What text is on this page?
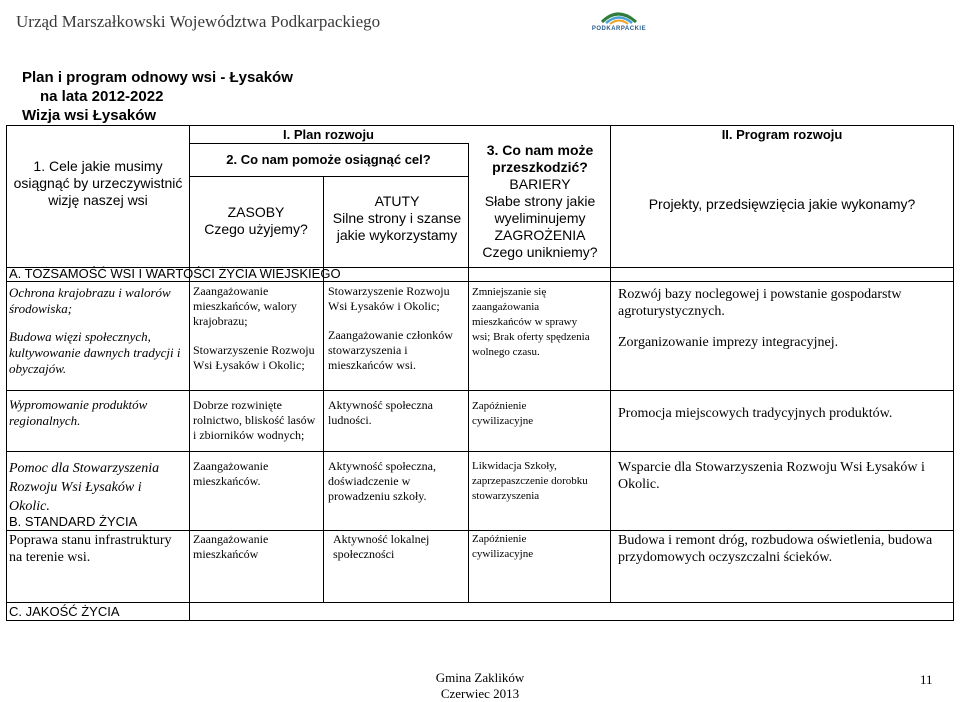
Urząd Marszałkowski Województwa Podkarpackiego	PODKARPACKIE
Plan i program odnowy wsi - Łysaków
na lata 2012-2022
Wizja wsi Łysaków
1. Cele jakie musimy osiągnąć by urzeczywistnić wizję naszej wsi
I. Plan rozwoju
2. Co nam pomoże osiągnąć cel?
ZASOBY
Czego użyjemy?
ATUTY
Silne strony i szanse jakie wykorzystamy
3. Co nam może przeszkodzić?
BARIERY
Słabe strony jakie wyeliminujemy
ZAGROŻENIA
Czego unikniemy?
II. Program rozwoju
Projekty, przedsięwzięcia jakie wykonamy?
A. TOŻSAMOŚĆ WSI I WARTOŚCI ŻYCIA WIEJSKIEGO
Ochrona krajobrazu i walorów środowiska;
Budowa więzi społecznych, kultywowanie dawnych tradycji i obyczajów.
Zaangażowanie mieszkańców, walory krajobrazu;
Stowarzyszenie Rozwoju Wsi Łysaków i Okolic;
Stowarzyszenie Rozwoju Wsi Łysaków i Okolic;
Zaangażowanie członków stowarzyszenia i mieszkańców wsi.
Zmniejszanie się zaangażowania mieszkańców w sprawy wsi; Brak oferty spędzenia wolnego czasu.
Rozwój bazy noclegowej i powstanie gospodarstw agroturystycznych.
Zorganizowanie imprezy integracyjnej.
Wypromowanie produktów regionalnych.
Dobrze rozwinięte rolnictwo, bliskość lasów i zbiorników wodnych;
Aktywność społeczna ludności.
Zapóźnienie cywilizacyjne	Promocja miejscowych tradycyjnych produktów.
Pomoc dla Stowarzyszenia Rozwoju Wsi Łysaków i Okolic.
Zaangażowanie mieszkańców.
Aktywność społeczna, doświadczenie w prowadzeniu szkoły.
Likwidacja Szkoły, zaprzepaszczenie dorobku stowarzyszenia
Wsparcie dla Stowarzyszenia Rozwoju Wsi Łysaków i Okolic.
B. STANDARD ŻYCIA
Poprawa stanu infrastruktury na terenie wsi.
Zaangażowanie mieszkańców
Aktywność lokalnej społeczności
Zapóźnienie cywilizacyjne
Budowa i remont dróg, rozbudowa oświetlenia, budowa przydomowych oczyszczalni ścieków.
C. JAKOŚĆ ŻYCIA
Gmina Zaklików
Czerwiec 2013
11
